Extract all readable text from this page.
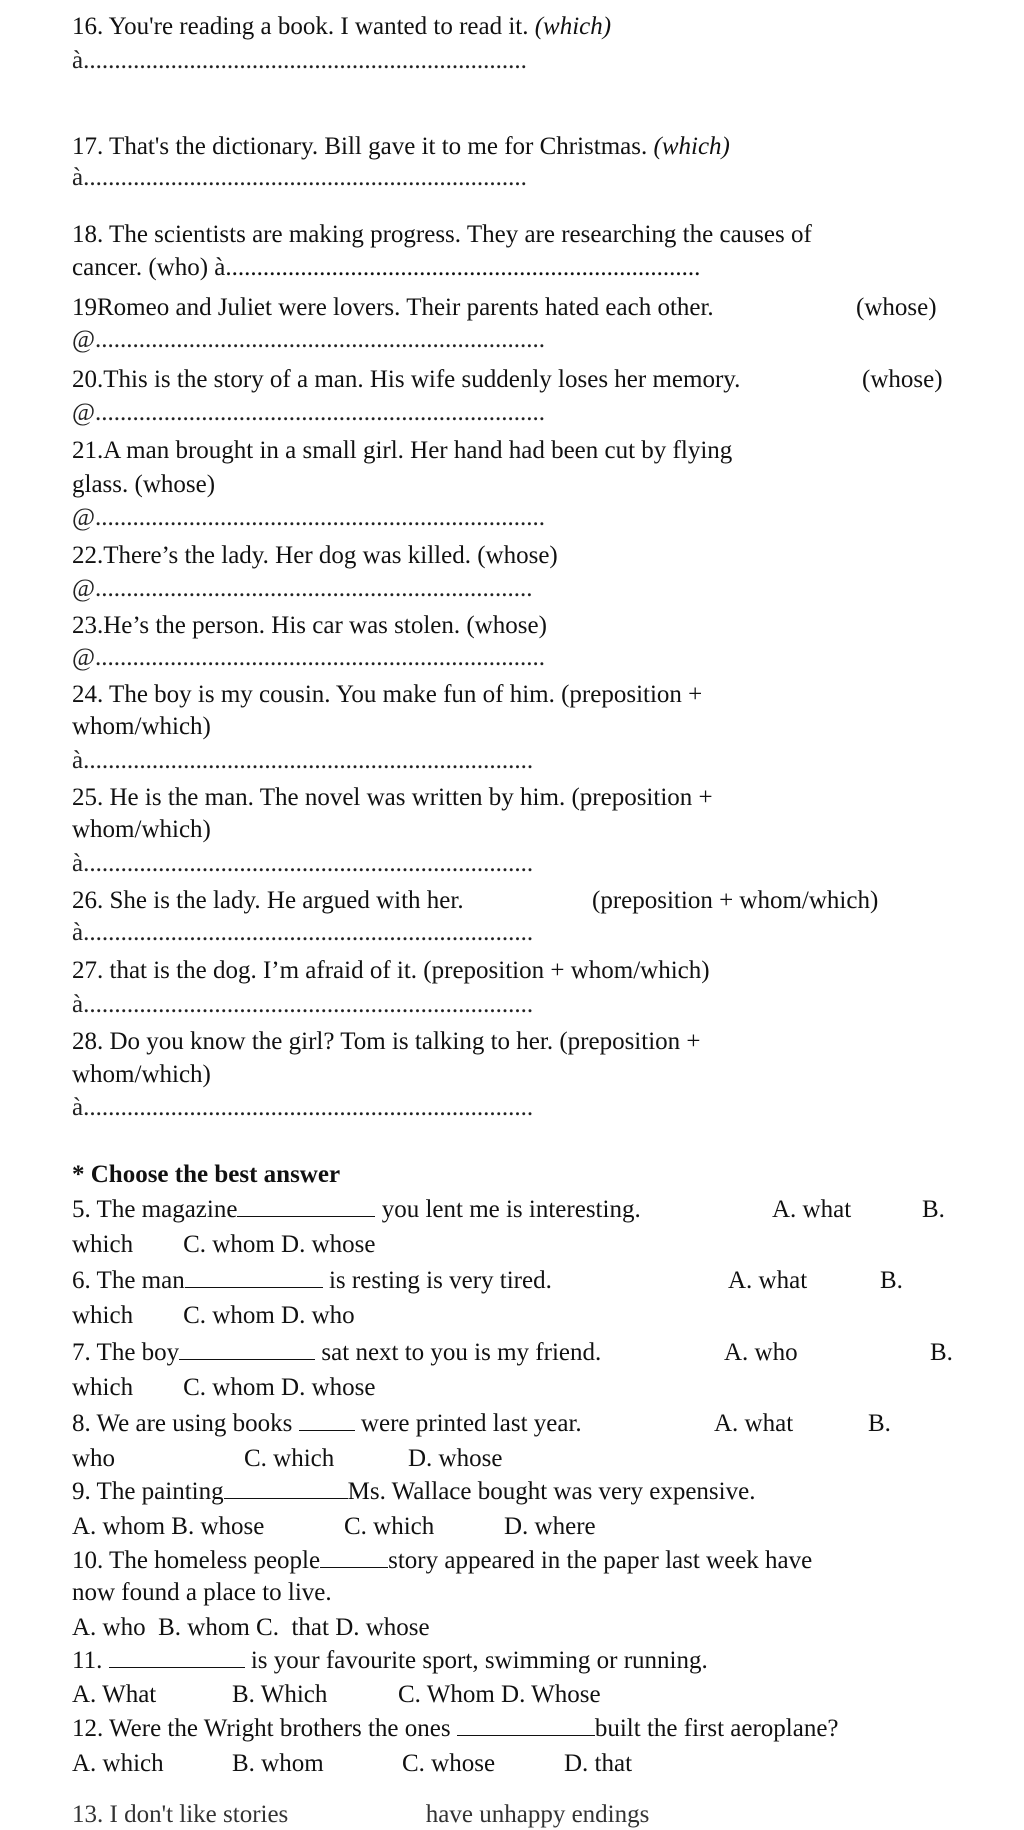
16. You're reading a book. I wanted to read it. (which)
à.......................................................................
17. That's the dictionary. Bill gave it to me for Christmas. (which)
à.......................................................................
18. The scientists are making progress. They are researching the causes of
cancer. (who) à............................................................................
19Romeo and Juliet were lovers. Their parents hated each other.	(whose)
@........................................................................
20.This is the story of a man. His wife suddenly loses her memory.	(whose)
@........................................................................
21.A man brought in a small girl. Her hand had been cut by flying
glass. (whose)
@........................................................................
22.There’s the lady. Her dog was killed. (whose)
@......................................................................
23.He’s the person. His car was stolen. (whose)
@........................................................................
24. The boy is my cousin. You make fun of him. (preposition +
whom/which)
à........................................................................
25. He is the man. The novel was written by him. (preposition +
whom/which)
à........................................................................
26. She is the lady. He argued with her.	(preposition + whom/which)
à........................................................................
27. that is the dog. I’m afraid of it. (preposition + whom/which)
à........................................................................
28. Do you know the girl? Tom is talking to her. (preposition +
whom/which)
à........................................................................
* Choose the best answer
5. The magazine	you lent me is interesting.	A. what	B.
which        C. whom D. whose
6. The man	is resting is very tired.	A. what	B.
which        C. whom D. who
7. The boy	sat next to you is my friend.	A. who	B.
which        C. whom D. whose
8. We are using books	were printed last year.	A. what	B.
who	C. which	D. whose
9. The painting	Ms. Wallace bought was very expensive.
A. whom B. whose	C. which	D. where
10. The homeless people	story appeared in the paper last week have
now found a place to live.
A. who  B. whom C.  that D. whose
11.	is your favourite sport, swimming or running.
A. What	B. Which	C. Whom D. Whose
12. Were the Wright brothers the ones	built the first aeroplane?
A. which	B. whom	C. whose	D. that
13. I don't like stories                      have unhappy endings
